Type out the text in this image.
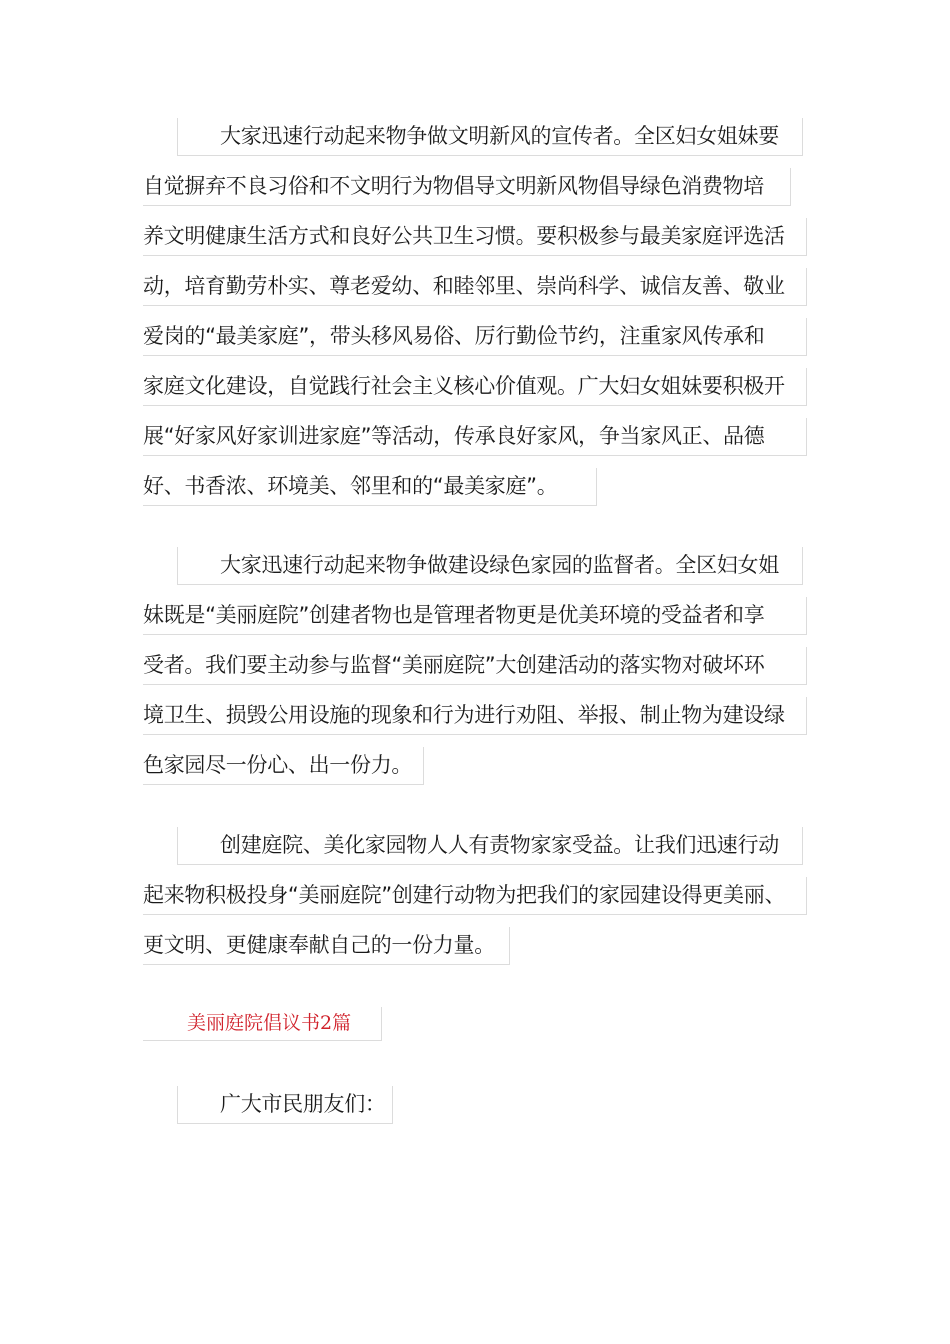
大家迅速行动起来物争做文明新风的宣传者。全区妇女姐妹要
自觉摒弃不良习俗和不文明行为物倡导文明新风物倡导绿色消费物培
养文明健康生活方式和良好公共卫生习惯。要积极参与最美家庭评选活
动，培育勤劳朴实、尊老爱幼、和睦邻里、崇尚科学、诚信友善、敬业
爱岗的“最美家庭”，带头移风易俗、厉行勤俭节约，注重家风传承和
家庭文化建设，自觉践行社会主义核心价值观。广大妇女姐妹要积极开
展“好家风好家训进家庭”等活动，传承良好家风，争当家风正、品德
好、书香浓、环境美、邻里和的“最美家庭”。
大家迅速行动起来物争做建设绿色家园的监督者。全区妇女姐
妹既是“美丽庭院”创建者物也是管理者物更是优美环境的受益者和享
受者。我们要主动参与监督“美丽庭院”大创建活动的落实物对破坏环
境卫生、损毁公用设施的现象和行为进行劝阻、举报、制止物为建设绿
色家园尽一份心、出一份力。
创建庭院、美化家园物人人有责物家家受益。让我们迅速行动
起来物积极投身“美丽庭院”创建行动物为把我们的家园建设得更美丽、
更文明、更健康奉献自己的一份力量。
美丽庭院倡议书2篇
广大市民朋友们：
